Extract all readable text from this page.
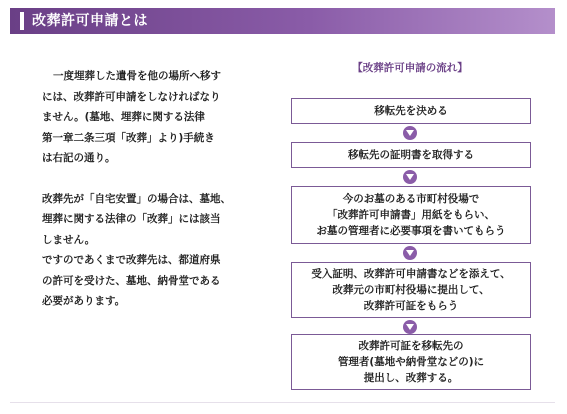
改葬許可申請とは

一度埋葬した遺骨を他の場所へ移す
には、改葬許可申請をしなければなり
ません。(墓地、埋葬に関する法律
第一章二条三項「改葬」より)手続き
は右記の通り。

改葬先が「自宅安置」の場合は、墓地、
埋葬に関する法律の「改葬」には該当
しません。
ですのであくまで改葬先は、都道府県
の許可を受けた、墓地、納骨堂である
必要があります。

【改葬許可申請の流れ】
移転先を決める
移転先の証明書を取得する
今のお墓のある市町村役場で
「改葬許可申請書」用紙をもらい、
お墓の管理者に必要事項を書いてもらう
受入証明、改葬許可申請書などを添えて、
改葬元の市町村役場に提出して、
改葬許可証をもらう
改葬許可証を移転先の
管理者(墓地や納骨堂などの)に
提出し、改葬する。
